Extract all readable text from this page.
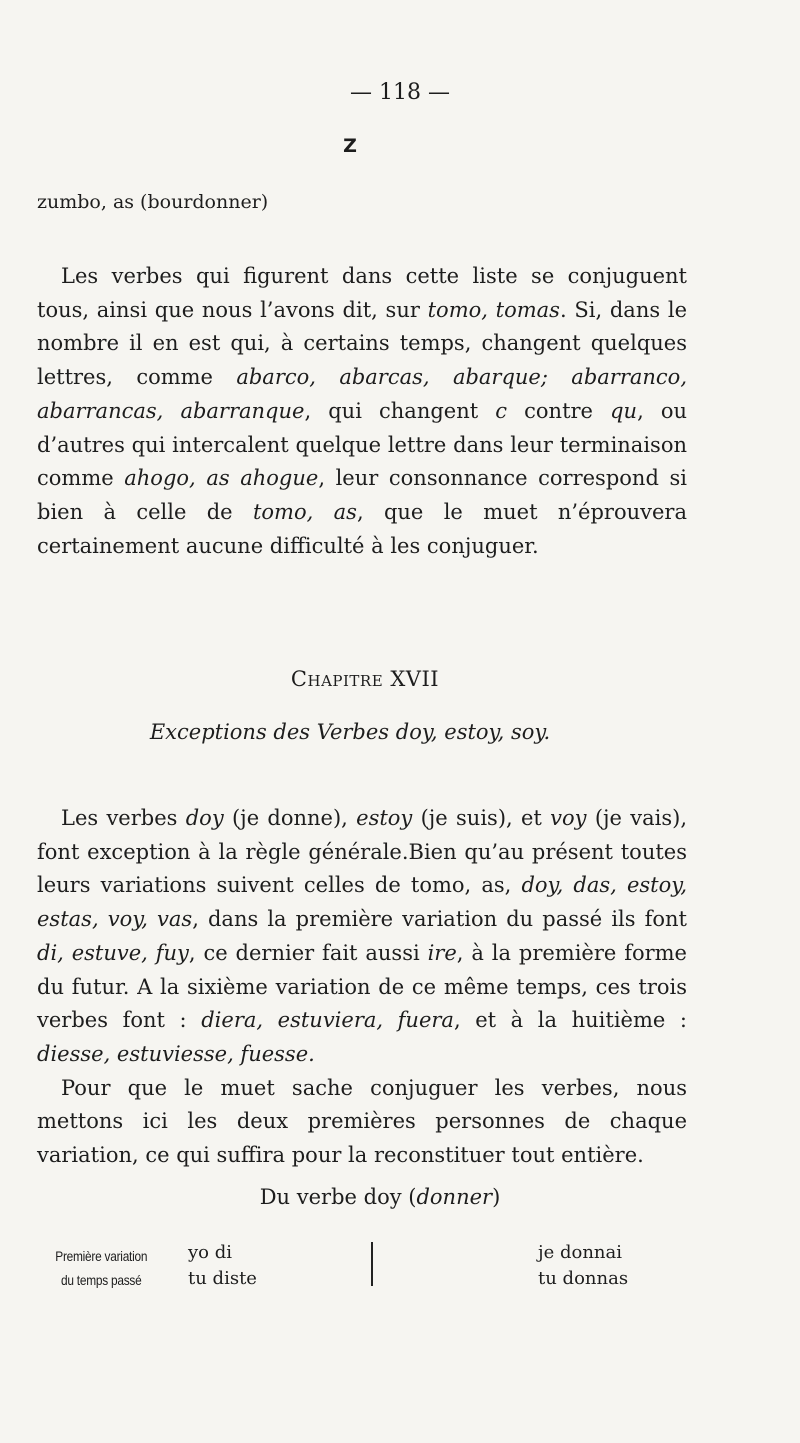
— 118 —
Z
zumbo, as (bourdonner)
Les verbes qui figurent dans cette liste se conjuguent tous, ainsi que nous l’avons dit, sur tomo, tomas. Si, dans le nombre il en est qui, à certains temps, changent quelques lettres, comme abarco, abarcas, abarque; abarranco, abarrancas, abarranque, qui changent c contre qu, ou d’autres qui intercalent quelque lettre dans leur terminaison comme ahogo, as ahogue, leur consonnance correspond si bien à celle de tomo, as, que le muet n’éprouvera certainement aucune difficulté à les conjuguer.
Chapitre XVII
Exceptions des Verbes doy, estoy, soy.
Les verbes doy (je donne), estoy (je suis), et voy (je vais), font exception à la règle générale.Bien qu’au présent toutes leurs variations suivent celles de tomo, as, doy, das, estoy, estas, voy, vas, dans la première variation du passé ils font di, estuve, fuy, ce dernier fait aussi ire, à la première forme du futur. A la sixième variation de ce même temps, ces trois verbes font : diera, estuviera, fuera, et à la huitième : diesse, estuviesse, fuesse.
Pour que le muet sache conjuguer les verbes, nous mettons ici les deux premières personnes de chaque variation, ce qui suffira pour la reconstituer tout entière.
Du verbe doy (donner)
Première variation
du temps passé
yo di
tu diste
je donnai
tu donnas
